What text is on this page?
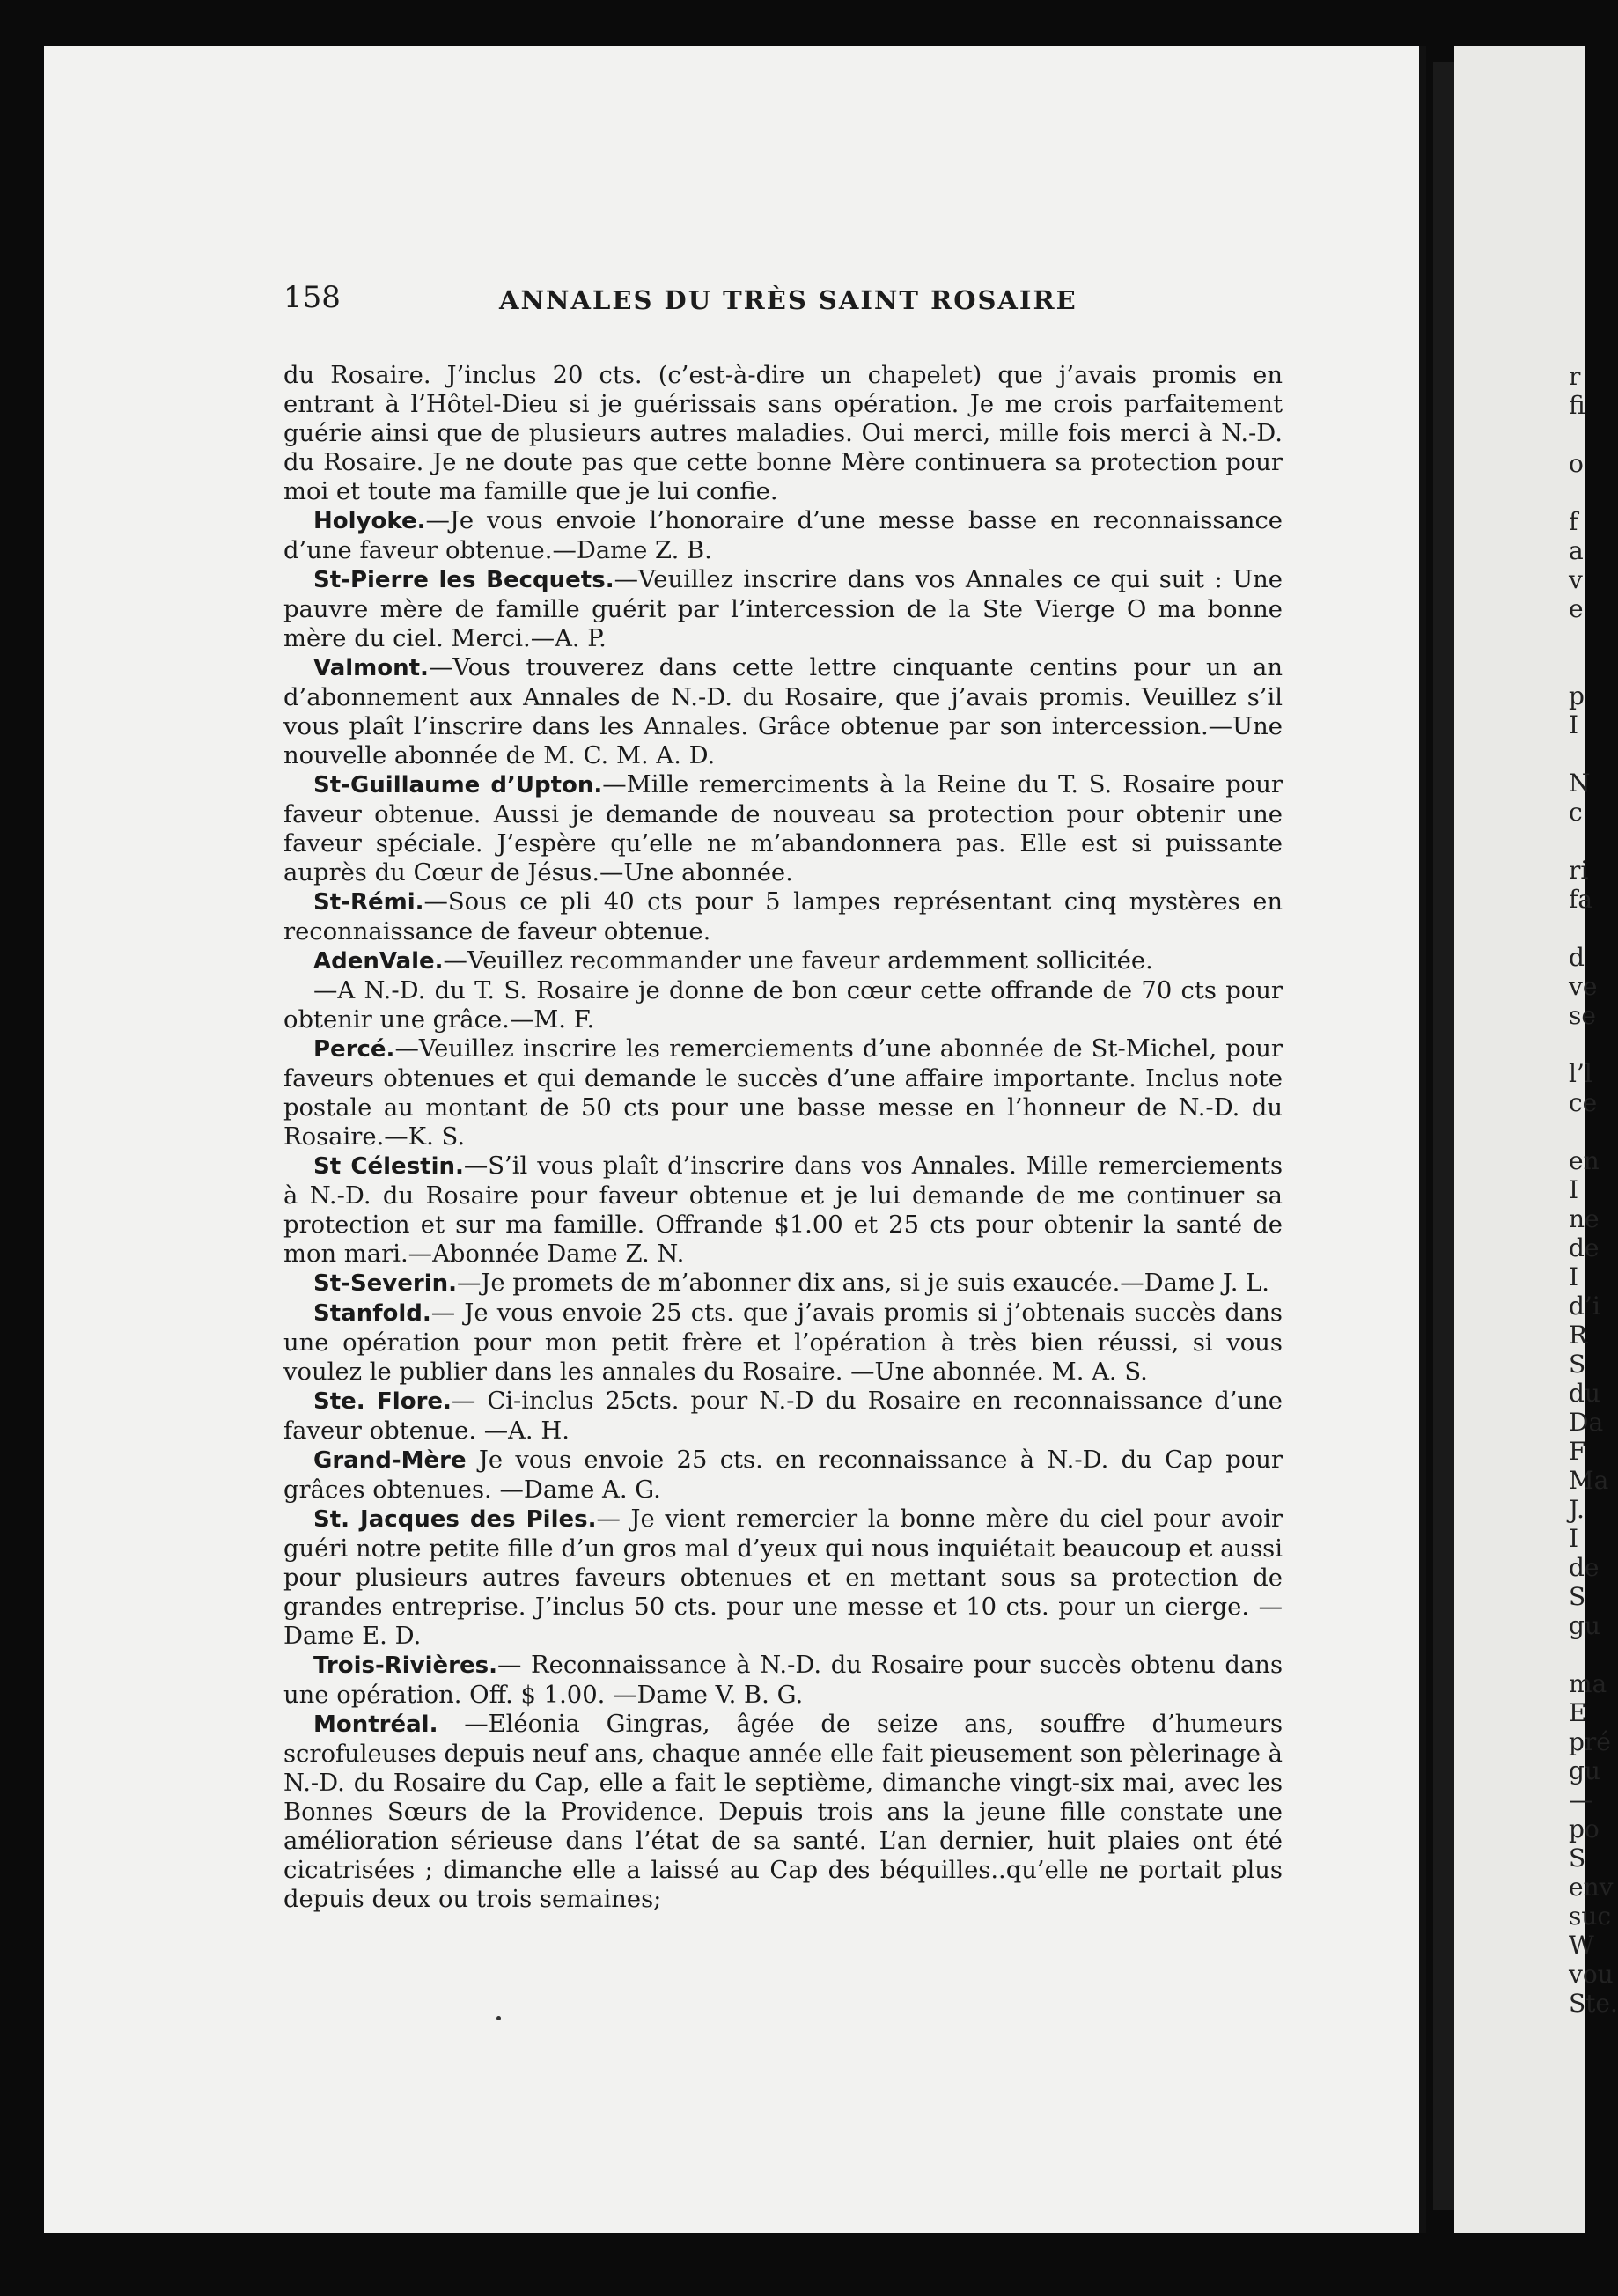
158	ANNALES DU TRÈS SAINT ROSAIRE

du Rosaire. J’inclus 20 cts. (c’est-à-dire un chapelet) que j’avais promis en entrant à l’Hôtel-Dieu si je guérissais sans opération. Je me crois parfaitement guérie ainsi que de plusieurs autres maladies. Oui merci, mille fois merci à N.-D. du Rosaire. Je ne doute pas que cette bonne Mère continuera sa protection pour moi et toute ma famille que je lui confie.

Holyoke.—Je vous envoie l’honoraire d’une messe basse en reconnaissance d’une faveur obtenue.—Dame Z. B.

St-Pierre les Becquets.—Veuillez inscrire dans vos Annales ce qui suit : Une pauvre mère de famille guérit par l’intercession de la Ste Vierge O ma bonne mère du ciel. Merci.—A. P.

Valmont.—Vous trouverez dans cette lettre cinquante centins pour un an d’abonnement aux Annales de N.-D. du Rosaire, que j’avais promis. Veuillez s’il vous plaît l’inscrire dans les Annales. Grâce obtenue par son intercession.—Une nouvelle abonnée de M. C. M. A. D.

St-Guillaume d’Upton.—Mille remerciments à la Reine du T. S. Rosaire pour faveur obtenue. Aussi je demande de nouveau sa protection pour obtenir une faveur spéciale. J’espère qu’elle ne m’abandonnera pas. Elle est si puissante auprès du Cœur de Jésus.—Une abonnée.

St-Rémi.—Sous ce pli 40 cts pour 5 lampes représentant cinq mystères en reconnaissance de faveur obtenue.

AdenVale.—Veuillez recommander une faveur ardemment sollicitée.

—A N.-D. du T. S. Rosaire je donne de bon cœur cette offrande de 70 cts pour obtenir une grâce.—M. F.

Percé.—Veuillez inscrire les remerciements d’une abonnée de St-Michel, pour faveurs obtenues et qui demande le succès d’une affaire importante. Inclus note postale au montant de 50 cts pour une basse messe en l’honneur de N.-D. du Rosaire.—K. S.

St Célestin.—S’il vous plaît d’inscrire dans vos Annales. Mille remerciements à N.-D. du Rosaire pour faveur obtenue et je lui demande de me continuer sa protection et sur ma famille. Offrande $1.00 et 25 cts pour obtenir la santé de mon mari.—Abonnée Dame Z. N.

St-Severin.—Je promets de m’abonner dix ans, si je suis exaucée.—Dame J. L.

Stanfold.— Je vous envoie 25 cts. que j’avais promis si j’obtenais succès dans une opération pour mon petit frère et l’opération à très bien réussi, si vous voulez le publier dans les annales du Rosaire. —Une abonnée. M. A. S.

Ste. Flore.— Ci-inclus 25cts. pour N.-D du Rosaire en reconnaissance d’une faveur obtenue. —A. H.

Grand-Mère Je vous envoie 25 cts. en reconnaissance à N.-D. du Cap pour grâces obtenues. —Dame A. G.

St. Jacques des Piles.— Je vient remercier la bonne mère du ciel pour avoir guéri notre petite fille d’un gros mal d’yeux qui nous inquiétait beaucoup et aussi pour plusieurs autres faveurs obtenues et en mettant sous sa protection de grandes entreprise. J’inclus 50 cts. pour une messe et 10 cts. pour un cierge. —Dame E. D.

Trois-Rivières.— Reconnaissance à N.-D. du Rosaire pour succès obtenu dans une opération. Off. $ 1.00. —Dame V. B. G.

Montréal. —Eléonia Gingras, âgée de seize ans, souffre d’humeurs scrofuleuses depuis neuf ans, chaque année elle fait pieusement son pèlerinage à N.-D. du Rosaire du Cap, elle a fait le septième, dimanche vingt-six mai, avec les Bonnes Sœurs de la Providence. Depuis trois ans la jeune fille constate une amélioration sérieuse dans l’état de sa santé. L’an dernier, huit plaies ont été cicatrisées ; dimanche elle a laissé au Cap des béquilles..qu’elle ne portait plus depuis deux ou trois semaines;

r
fi
o
f
a
v
e
p
I
N
c
ri
fa
d
ve
se
l’l
ce
en
I
ne
de
I
d’i
R
S
du
Da
F
Ma
J.
I
de
S
gu
ma
E
pré
gu
—
po
S
env
suc
W
vou
Ste.
